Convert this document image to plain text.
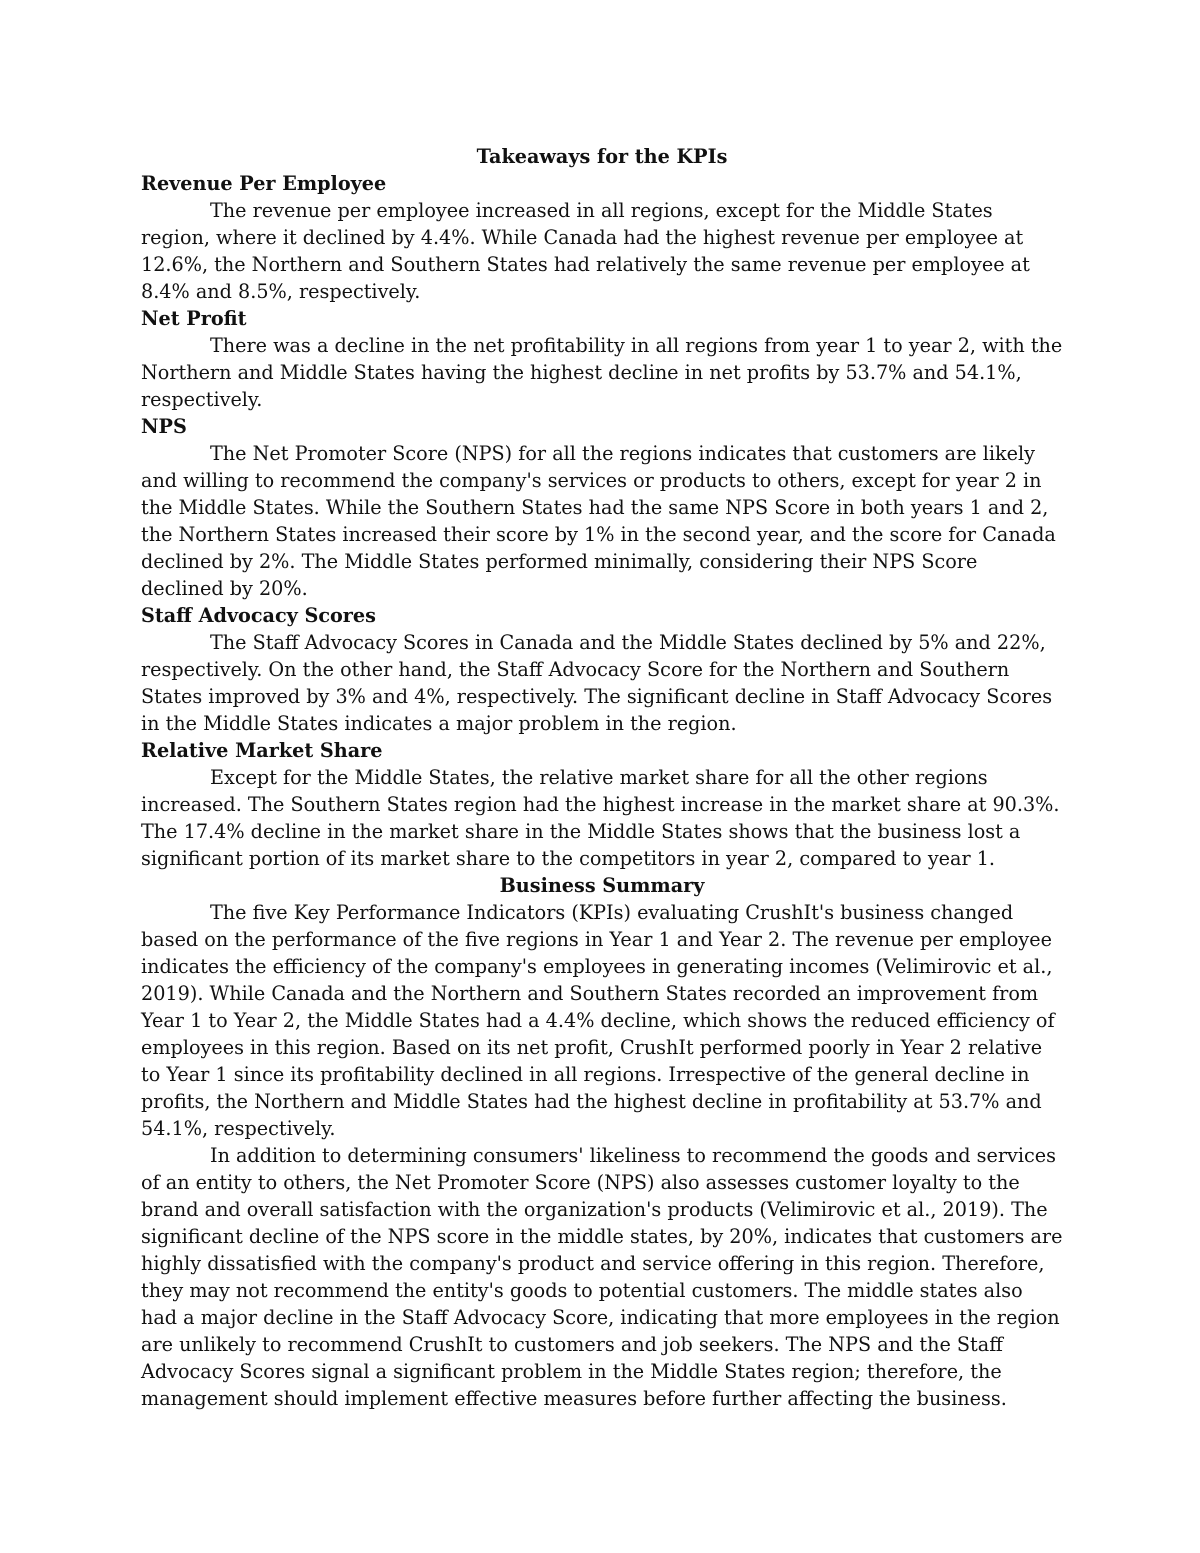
Takeaways for the KPIs

Revenue Per Employee

The revenue per employee increased in all regions, except for the Middle States region, where it declined by 4.4%. While Canada had the highest revenue per employee at 12.6%, the Northern and Southern States had relatively the same revenue per employee at 8.4% and 8.5%, respectively.

Net Profit

There was a decline in the net profitability in all regions from year 1 to year 2, with the Northern and Middle States having the highest decline in net profits by 53.7% and 54.1%, respectively.

NPS

The Net Promoter Score (NPS) for all the regions indicates that customers are likely and willing to recommend the company's services or products to others, except for year 2 in the Middle States. While the Southern States had the same NPS Score in both years 1 and 2, the Northern States increased their score by 1% in the second year, and the score for Canada declined by 2%. The Middle States performed minimally, considering their NPS Score declined by 20%.

Staff Advocacy Scores

The Staff Advocacy Scores in Canada and the Middle States declined by 5% and 22%, respectively. On the other hand, the Staff Advocacy Score for the Northern and Southern States improved by 3% and 4%, respectively. The significant decline in Staff Advocacy Scores in the Middle States indicates a major problem in the region.

Relative Market Share

Except for the Middle States, the relative market share for all the other regions increased. The Southern States region had the highest increase in the market share at 90.3%. The 17.4% decline in the market share in the Middle States shows that the business lost a significant portion of its market share to the competitors in year 2, compared to year 1.

Business Summary

The five Key Performance Indicators (KPIs) evaluating CrushIt's business changed based on the performance of the five regions in Year 1 and Year 2. The revenue per employee indicates the efficiency of the company's employees in generating incomes (Velimirovic et al., 2019). While Canada and the Northern and Southern States recorded an improvement from Year 1 to Year 2, the Middle States had a 4.4% decline, which shows the reduced efficiency of employees in this region. Based on its net profit, CrushIt performed poorly in Year 2 relative to Year 1 since its profitability declined in all regions. Irrespective of the general decline in profits, the Northern and Middle States had the highest decline in profitability at 53.7% and 54.1%, respectively.

In addition to determining consumers' likeliness to recommend the goods and services of an entity to others, the Net Promoter Score (NPS) also assesses customer loyalty to the brand and overall satisfaction with the organization's products (Velimirovic et al., 2019). The significant decline of the NPS score in the middle states, by 20%, indicates that customers are highly dissatisfied with the company's product and service offering in this region. Therefore, they may not recommend the entity's goods to potential customers. The middle states also had a major decline in the Staff Advocacy Score, indicating that more employees in the region are unlikely to recommend CrushIt to customers and job seekers. The NPS and the Staff Advocacy Scores signal a significant problem in the Middle States region; therefore, the management should implement effective measures before further affecting the business.
